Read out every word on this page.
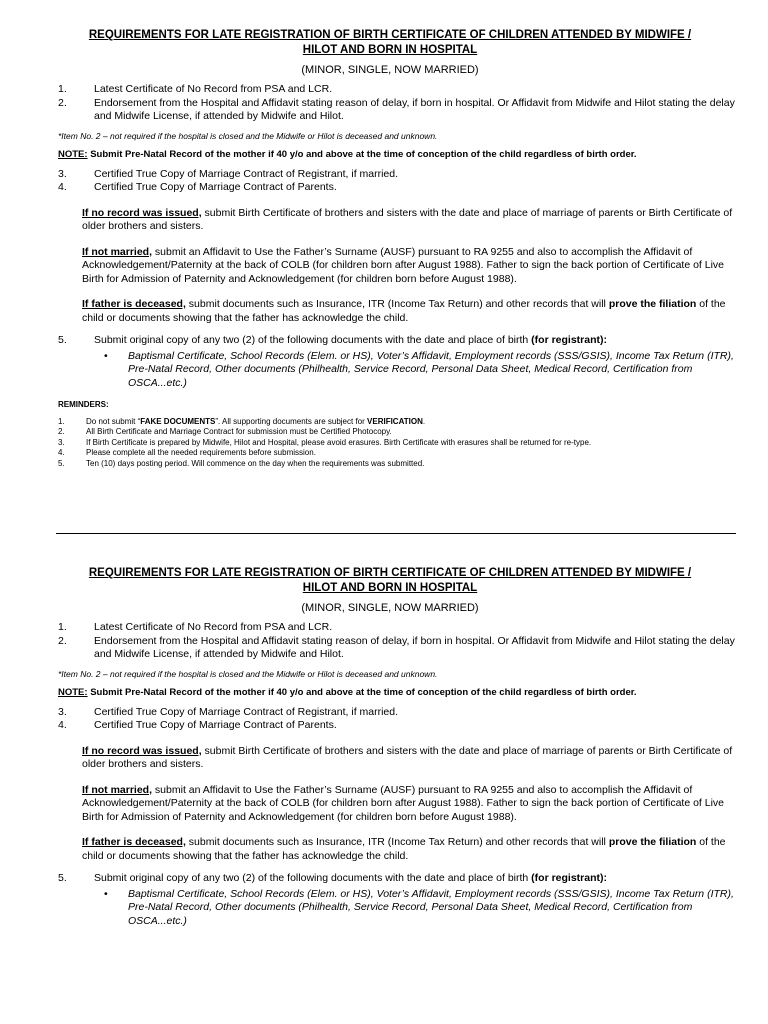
REQUIREMENTS FOR LATE REGISTRATION OF BIRTH CERTIFICATE OF CHILDREN ATTENDED BY MIDWIFE /
HILOT AND BORN IN HOSPITAL

(MINOR, SINGLE, NOW MARRIED)

1.	Latest Certificate of No Record from PSA and LCR.
2.	Endorsement from the Hospital and Affidavit stating reason of delay, if born in hospital. Or Affidavit from Midwife and Hilot stating the delay and Midwife License, if attended by Midwife and Hilot.
*Item No. 2 – not required if the hospital is closed and the Midwife or Hilot is deceased and unknown.
NOTE: Submit Pre-Natal Record of the mother if 40 y/o and above at the time of conception of the child regardless of birth order.
3.	Certified True Copy of Marriage Contract of Registrant, if married.
4.	Certified True Copy of Marriage Contract of Parents.
If no record was issued, submit Birth Certificate of brothers and sisters with the date and place of marriage of parents or Birth Certificate of older brothers and sisters.
If not married, submit an Affidavit to Use the Father’s Surname (AUSF) pursuant to RA 9255 and also to accomplish the Affidavit of Acknowledgement/Paternity at the back of COLB (for children born after August 1988). Father to sign the back portion of Certificate of Live Birth for Admission of Paternity and Acknowledgement (for children born before August 1988).
If father is deceased, submit documents such as Insurance, ITR (Income Tax Return) and other records that will prove the filiation of the child or documents showing that the father has acknowledge the child.
5.	Submit original copy of any two (2) of the following documents with the date and place of birth (for registrant):
•	Baptismal Certificate, School Records (Elem. or HS), Voter’s Affidavit, Employment records (SSS/GSIS), Income Tax Return (ITR), Pre-Natal Record, Other documents (Philhealth, Service Record, Personal Data Sheet, Medical Record, Certification from OSCA...etc.)
REMINDERS:
1.	Do not submit “FAKE DOCUMENTS”. All supporting documents are subject for VERIFICATION.
2.	All Birth Certificate and Marriage Contract for submission must be Certified Photocopy.
3.	If Birth Certificate is prepared by Midwife, Hilot and Hospital, please avoid erasures. Birth Certificate with erasures shall be returned for re-type.
4.	Please complete all the needed requirements before submission.
5.	Ten (10) days posting period. Will commence on the day when the requirements was submitted.

REQUIREMENTS FOR LATE REGISTRATION OF BIRTH CERTIFICATE OF CHILDREN ATTENDED BY MIDWIFE /
HILOT AND BORN IN HOSPITAL

(MINOR, SINGLE, NOW MARRIED)

1.	Latest Certificate of No Record from PSA and LCR.
2.	Endorsement from the Hospital and Affidavit stating reason of delay, if born in hospital. Or Affidavit from Midwife and Hilot stating the delay and Midwife License, if attended by Midwife and Hilot.
*Item No. 2 – not required if the hospital is closed and the Midwife or Hilot is deceased and unknown.
NOTE: Submit Pre-Natal Record of the mother if 40 y/o and above at the time of conception of the child regardless of birth order.
3.	Certified True Copy of Marriage Contract of Registrant, if married.
4.	Certified True Copy of Marriage Contract of Parents.
If no record was issued, submit Birth Certificate of brothers and sisters with the date and place of marriage of parents or Birth Certificate of older brothers and sisters.
If not married, submit an Affidavit to Use the Father’s Surname (AUSF) pursuant to RA 9255 and also to accomplish the Affidavit of Acknowledgement/Paternity at the back of COLB (for children born after August 1988). Father to sign the back portion of Certificate of Live Birth for Admission of Paternity and Acknowledgement (for children born before August 1988).
If father is deceased, submit documents such as Insurance, ITR (Income Tax Return) and other records that will prove the filiation of the child or documents showing that the father has acknowledge the child.
5.	Submit original copy of any two (2) of the following documents with the date and place of birth (for registrant):
•	Baptismal Certificate, School Records (Elem. or HS), Voter’s Affidavit, Employment records (SSS/GSIS), Income Tax Return (ITR), Pre-Natal Record, Other documents (Philhealth, Service Record, Personal Data Sheet, Medical Record, Certification from OSCA...etc.)
